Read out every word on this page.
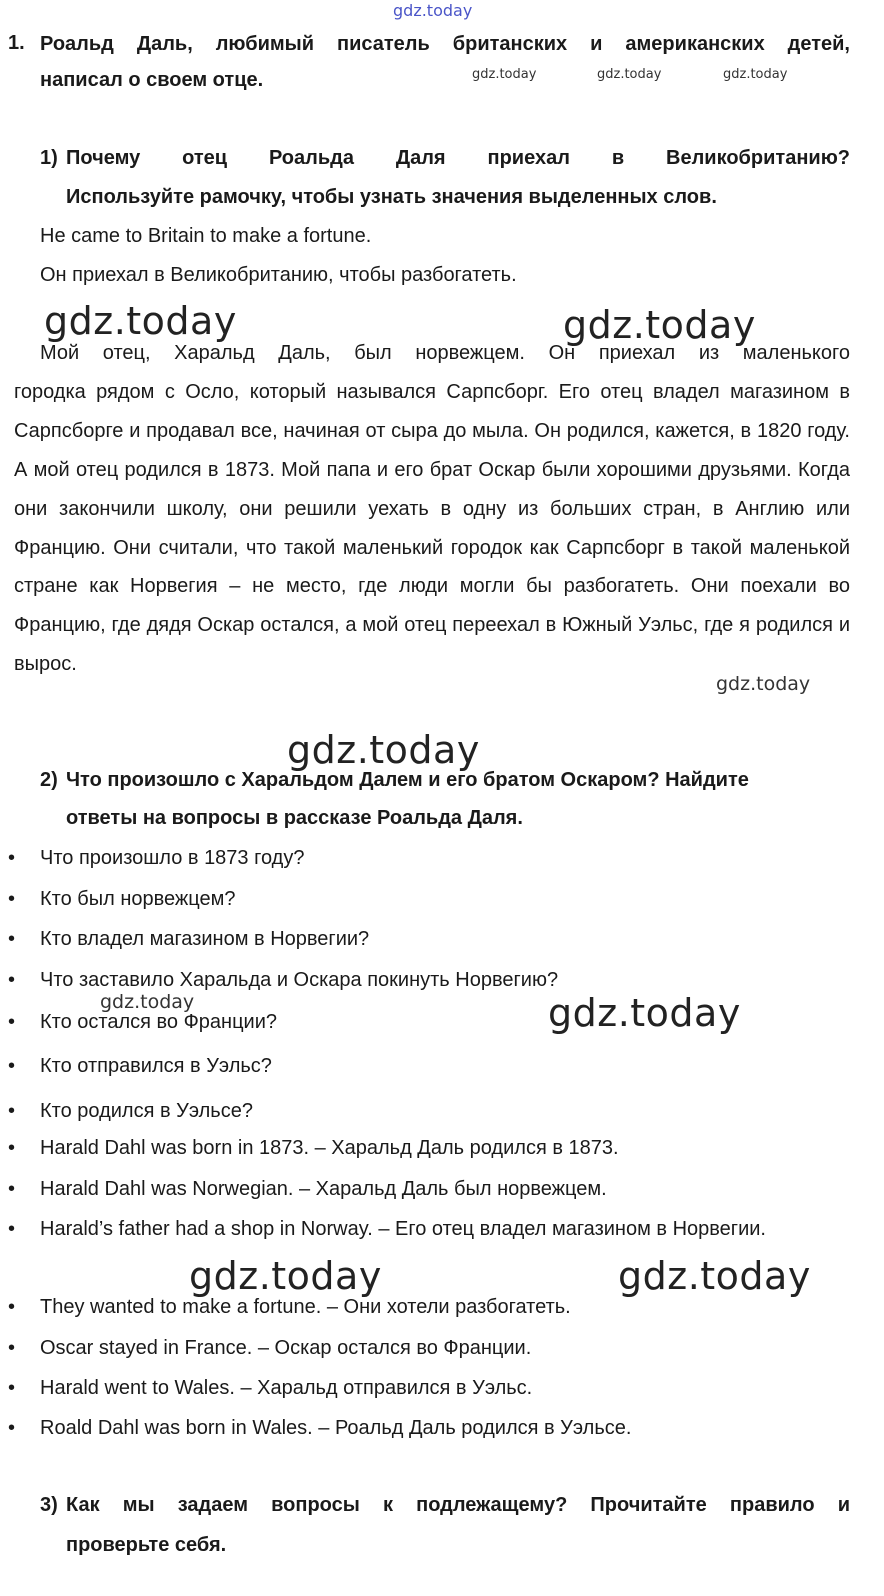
gdz.today
gdz.today	gdz.today	gdz.today
gdz.today	gdz.today
gdz.today
gdz.today
gdz.today	gdz.today
gdz.today	gdz.today
1. Роальд Даль, любимый писатель британских и американских детей,
написал о своем отце.
1) Почему отец Роальда Даля приехал в Великобританию?
Используйте рамочку, чтобы узнать значения выделенных слов.
He came to Britain to make a fortune.
Он приехал в Великобританию, чтобы разбогатеть.
Мой отец, Харальд Даль, был норвежцем. Он приехал из маленького
городка рядом с Осло, который назывался Сарпсборг. Его отец владел магазином в Сарпсборге и продавал все, начиная от сыра до мыла. Он родился, кажется, в 1820 году. А мой отец родился в 1873. Мой папа и его брат Оскар были хорошими друзьями. Когда они закончили школу, они решили уехать в одну из больших стран, в Англию или Францию. Они считали, что такой маленький городок как Сарпсборг в такой маленькой стране как Норвегия – не место, где люди могли бы разбогатеть. Они поехали во Францию, где дядя Оскар остался, а мой отец переехал в Южный Уэльс, где я родился и вырос.
2) Что произошло с Харальдом Далем и его братом Оскаром? Найдите
ответы на вопросы в рассказе Роальда Даля.
• Что произошло в 1873 году?
• Кто был норвежцем?
• Кто владел магазином в Норвегии?
• Что заставило Харальда и Оскара покинуть Норвегию?
• Кто остался во Франции?
• Кто отправился в Уэльс?
• Кто родился в Уэльсе?
• Harald Dahl was born in 1873. – Харальд Даль родился в 1873.
• Harald Dahl was Norwegian. – Харальд Даль был норвежцем.
• Harald’s father had a shop in Norway. – Его отец владел магазином в Норвегии.
• They wanted to make a fortune. – Они хотели разбогатеть.
• Oscar stayed in France. – Оскар остался во Франции.
• Harald went to Wales. – Харальд отправился в Уэльс.
• Roald Dahl was born in Wales. – Роальд Даль родился в Уэльсе.
3) Как мы задаем вопросы к подлежащему? Прочитайте правило и
проверьте себя.
